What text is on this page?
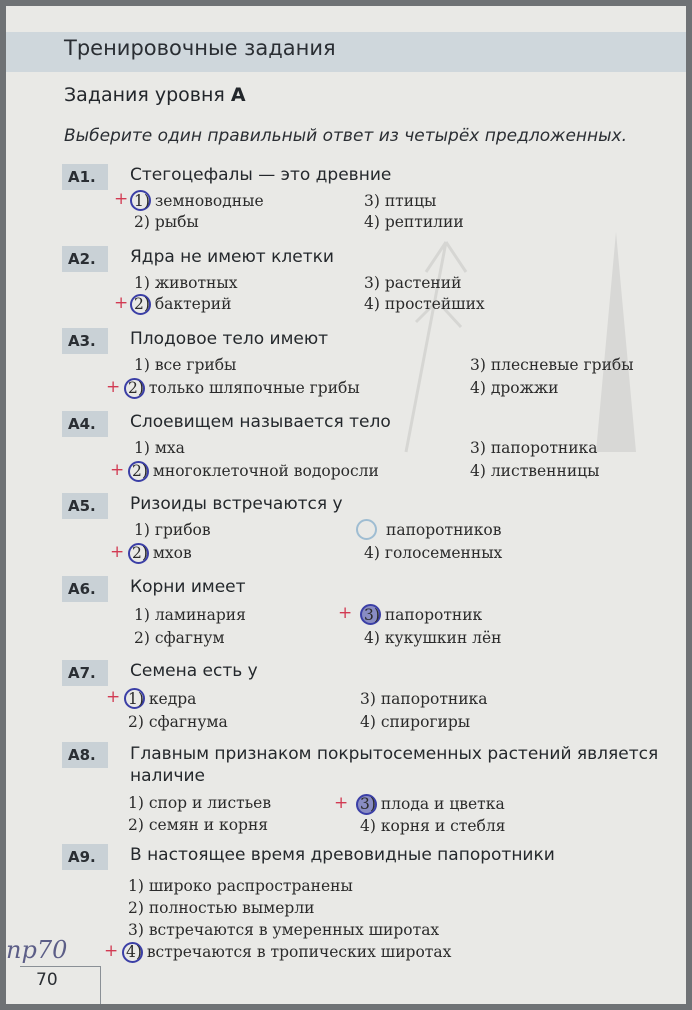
Тренировочные задания
Задания уровня А
Выберите один правильный ответ из четырёх предложенных.
А1.	Стегоцефалы — это древние
+ 1) земноводные
2) рыбы
3) птицы
4) рептилии
А2.	Ядра не имеют клетки
1) животных
+ 2) бактерий
3) растений
4) простейших
А3.	Плодовое тело имеют
1) все грибы
+ 2) только шляпочные грибы
3) плесневые грибы
4) дрожжи
А4.	Слоевищем называется тело
1) мха
+ 2) многоклеточной водоросли
3) папоротника
4) лиственницы
А5.	Ризоиды встречаются у
1) грибов
+ 2) мхов
папоротников
4) голосеменных
А6.	Корни имеет
1) ламинария
2) сфагнум
+ 3) папоротник
4) кукушкин лён
А7.	Семена есть у
+ 1) кедра
2) сфагнума
3) папоротника
4) спирогиры
А8.	Главным признаком покрытосеменных растений является наличие
1) спор и листьев
2) семян и корня
+ 3) плода и цветка
4) корня и стебля
А9.	В настоящее время древовидные папоротники
1) широко распространены
2) полностью вымерли
3) встречаются в умеренных широтах
+ 4) встречаются в тропических широтах
пр70
70
